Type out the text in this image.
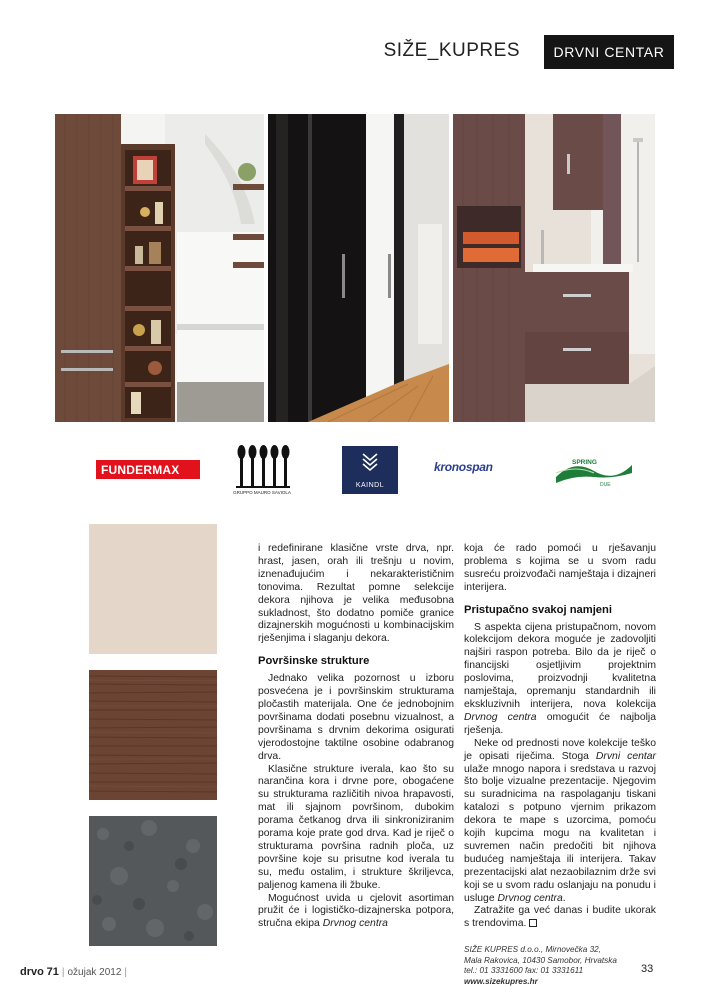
SIŽE_KUPRES	DRVNI CENTAR
FUNDER MAX
GRUPPO MAURO SAVIOLA
KAINDL
kronospan	SPRING
DUE

i redefinirane klasične vrste drva, npr. hrast, jasen, orah ili trešnju u novim, iznenađujućim i nekarakterističnim tonovima. Rezultat pomne selekcije dekora njihova je velika međusobna sukladnost, što dodatno pomiče granice dizajnerskih mogućnosti u kombinacijskim rješenjima i slaganju dekora.

Površinske strukture

Jednako velika pozornost u izboru posvećena je i površinskim strukturama pločastih materijala. One će jednobojnim površinama dodati posebnu vizualnost, a površinama s drvnim dekorima osigurati vjerodostojne taktilne osobine odabranog drva.

Klasične strukture iverala, kao što su narančina kora i drvne pore, obogaćene su strukturama različitih nivoa hrapavosti, mat ili sjajnom površinom, dubokim porama četkanog drva ili sinkroniziranim porama koje prate god drva. Kad je riječ o strukturama površina radnih ploča, uz površine koje su prisutne kod iverala tu su, među ostalim, i strukture škriljevca, paljenog kamena ili žbuke.

Mogućnost uvida u cjelovit asortiman pružit će i logističko-dizajnerska potpora, stručna ekipa Drvnog centra

koja će rado pomoći u rješavanju problema s kojima se u svom radu susreću proizvođači namještaja i dizajneri interijera.

Pristupačno svakoj namjeni

S aspekta cijena pristupačnom, novom kolekcijom dekora moguće je zadovoljiti najširi raspon potreba. Bilo da je riječ o financijski osjetljivim projektnim poslovima, proizvodnji kvalitetna namještaja, opremanju standardnih ili ekskluzivnih interijera, nova kolekcija Drvnog centra omogućit će najbolja rješenja.

Neke od prednosti nove kolekcije teško je opisati riječima. Stoga Drvni centar ulaže mnogo napora i sredstava u razvoj što bolje vizualne prezentacije. Njegovim su suradnicima na raspolaganju tiskani katalozi s potpuno vjernim prikazom dekora te mape s uzorcima, pomoću kojih kupcima mogu na kvalitetan i suvremen način predočiti bit njihova budućeg namještaja ili interijera. Takav prezentacijski alat nezaobilaznim drže svi koji se u svom radu oslanjaju na ponudu i usluge Drvnog centra.

Zatražite ga već danas i budite ukorak s trendovima.

SIŽE KUPRES d.o.o., Mirnovečka 32,
Mala Rakovica, 10430 Samobor, Hrvatska
tel.: 01 3331600 fax: 01 3331611
www.sizekupres.hr
drvo 71 | ožujak 2012 |	33
